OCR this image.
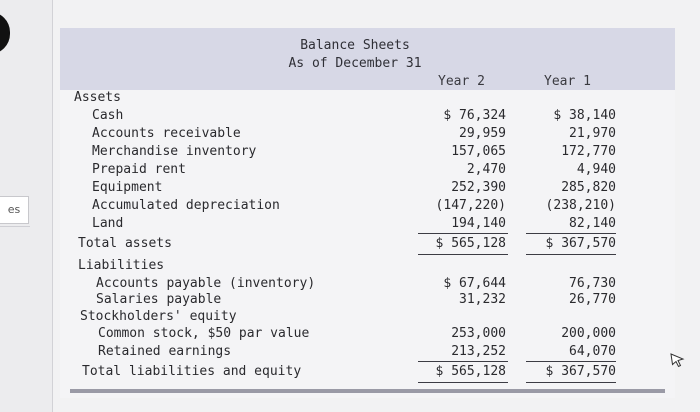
es
Balance Sheets
As of December 31
Year 2	Year 1
Assets
Cash	$ 76,324	$ 38,140
Accounts receivable	29,959	21,970
Merchandise inventory	157,065	172,770
Prepaid rent	2,470	4,940
Equipment	252,390	285,820
Accumulated depreciation	(147,220)	(238,210)
Land	194,140	82,140
Total assets	$ 565,128	$ 367,570
Liabilities
Accounts payable (inventory)	$ 67,644	76,730
Salaries payable	31,232	26,770
Stockholders' equity
Common stock, $50 par value	253,000	200,000
Retained earnings	213,252	64,070
Total liabilities and equity	$ 565,128	$ 367,570
